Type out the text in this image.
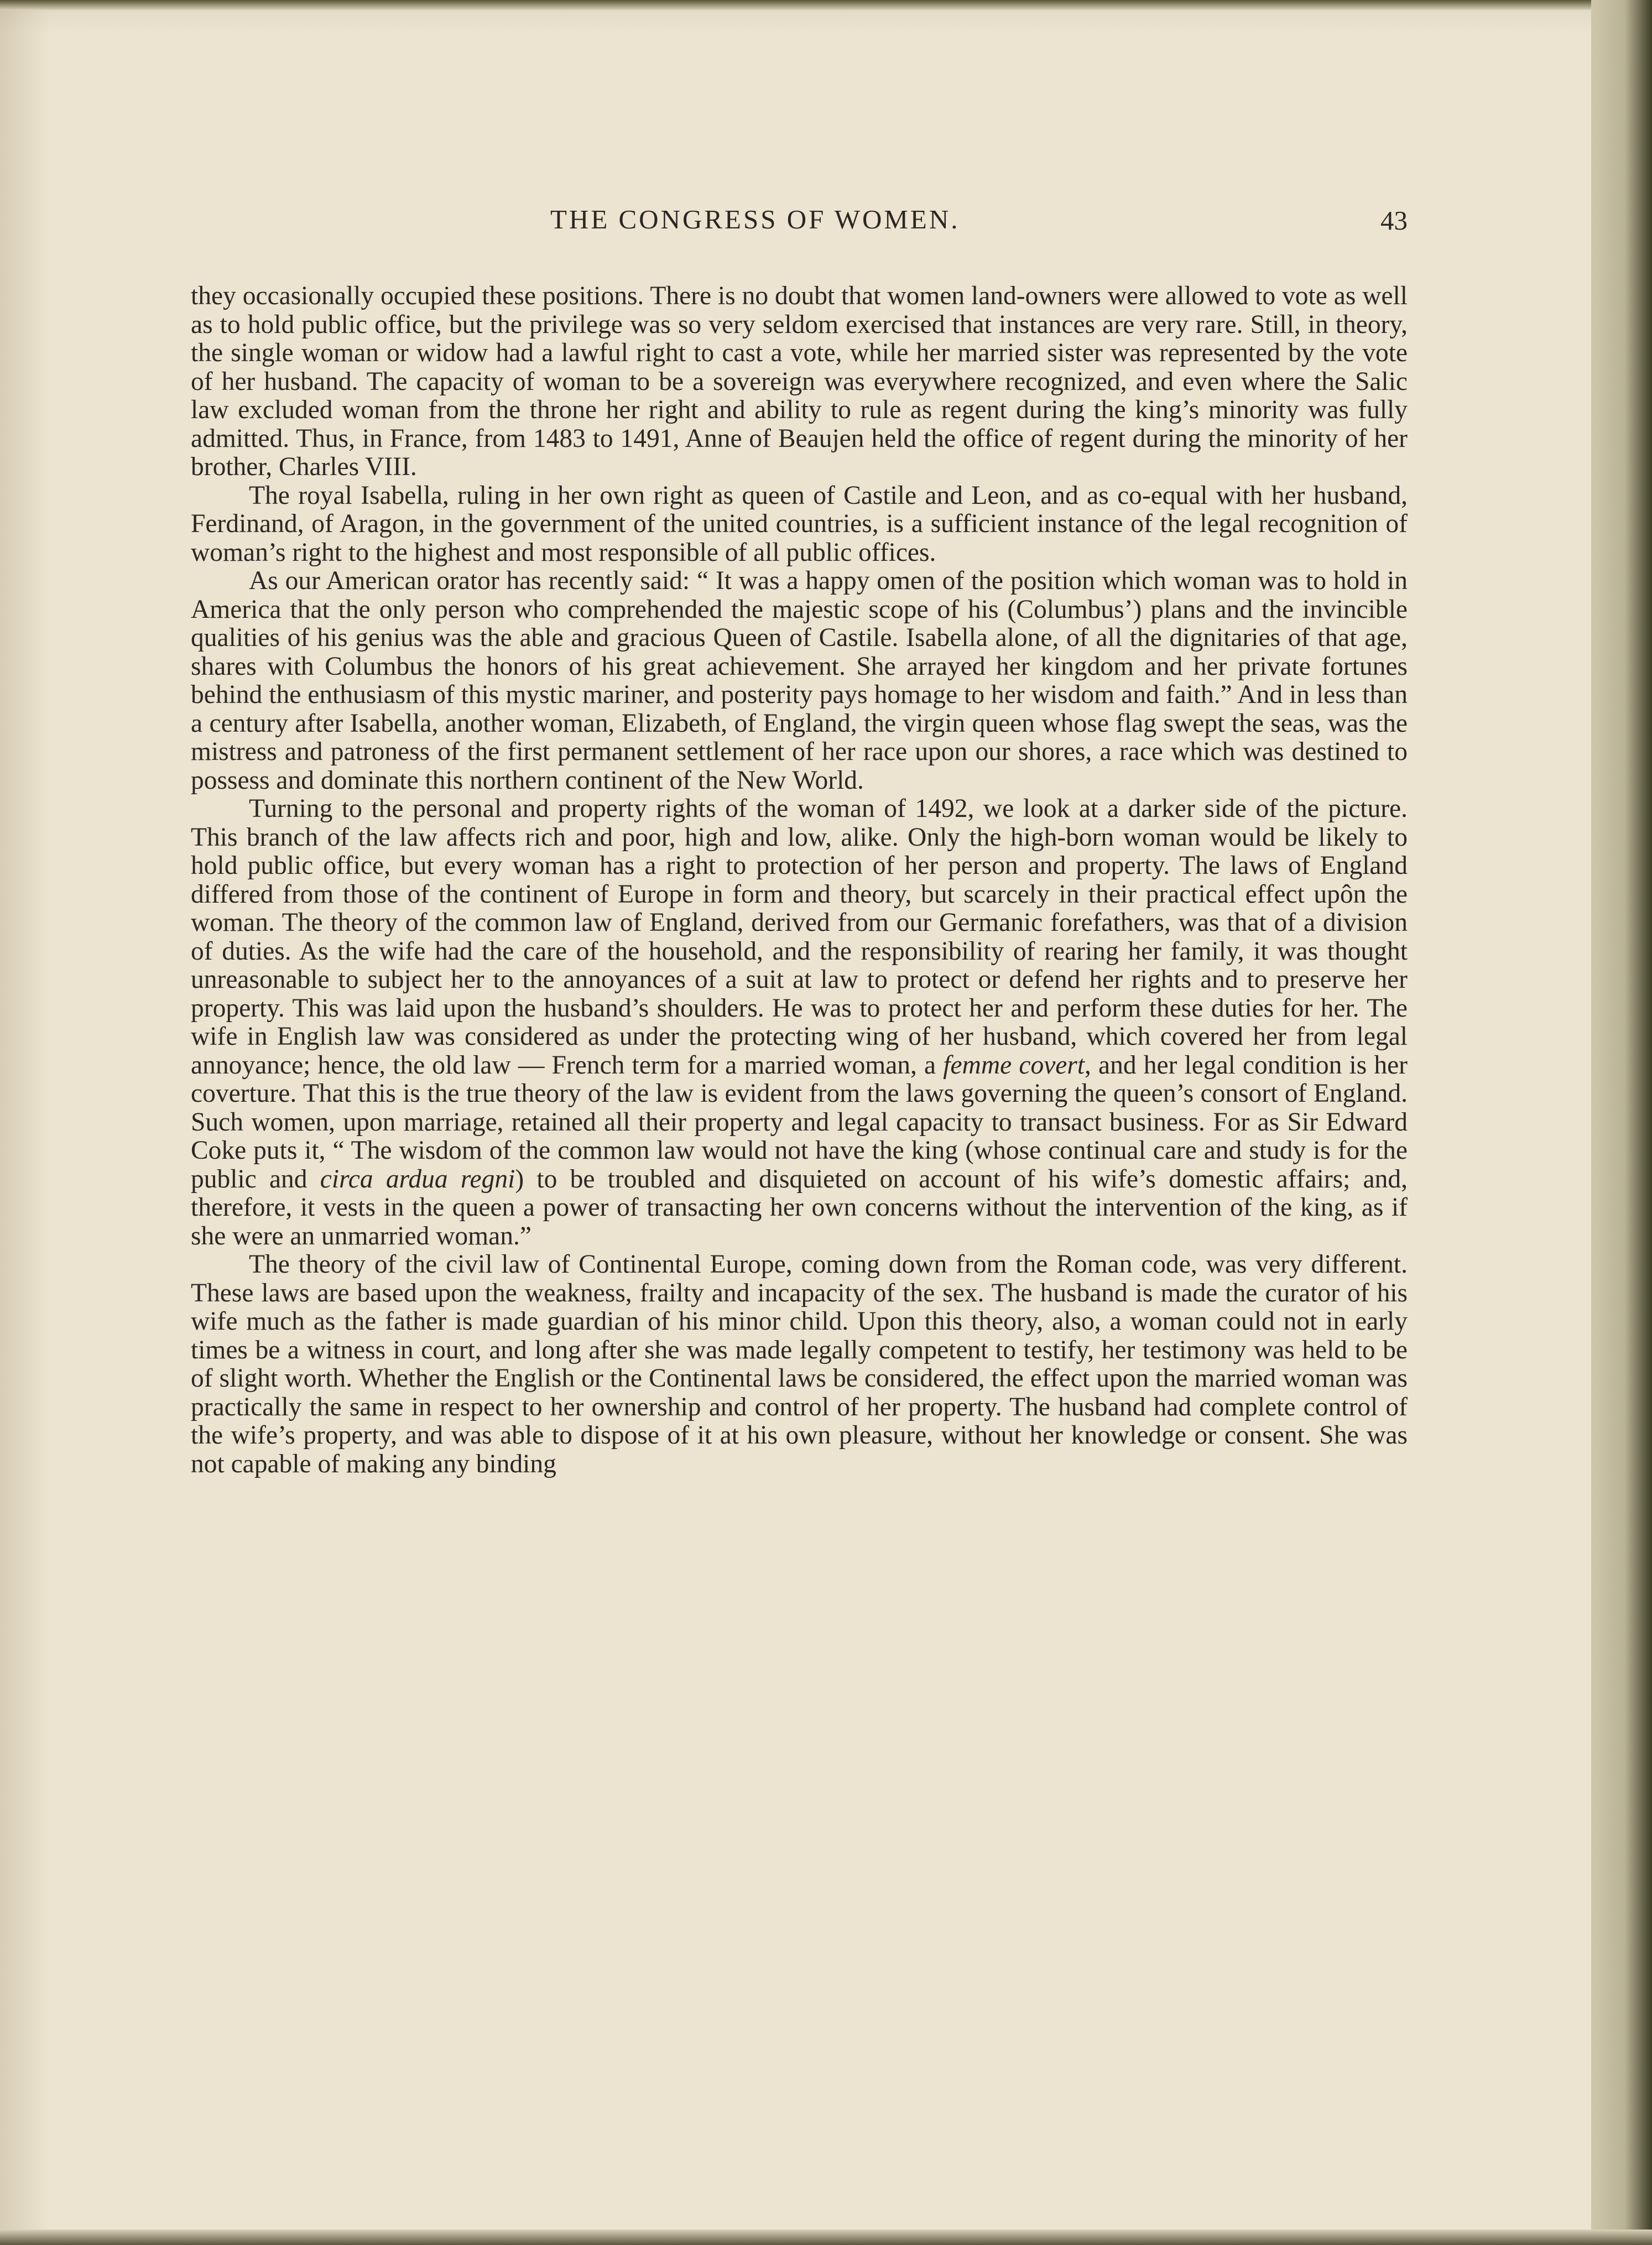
THE CONGRESS OF WOMEN.	43

they occasionally occupied these positions. There is no doubt that women land-owners were allowed to vote as well as to hold public office, but the privilege was so very seldom exercised that instances are very rare. Still, in theory, the single woman or widow had a lawful right to cast a vote, while her married sister was represented by the vote of her husband. The capacity of woman to be a sovereign was everywhere recognized, and even where the Salic law excluded woman from the throne her right and ability to rule as regent during the king’s minority was fully admitted. Thus, in France, from 1483 to 1491, Anne of Beaujen held the office of regent during the minority of her brother, Charles VIII.

The royal Isabella, ruling in her own right as queen of Castile and Leon, and as co-equal with her husband, Ferdinand, of Aragon, in the government of the united countries, is a sufficient instance of the legal recognition of woman’s right to the highest and most responsible of all public offices.

As our American orator has recently said: “ It was a happy omen of the position which woman was to hold in America that the only person who comprehended the majestic scope of his (Columbus’) plans and the invincible qualities of his genius was the able and gracious Queen of Castile. Isabella alone, of all the dignitaries of that age, shares with Columbus the honors of his great achievement. She arrayed her kingdom and her private fortunes behind the enthusiasm of this mystic mariner, and posterity pays homage to her wisdom and faith.” And in less than a century after Isabella, another woman, Elizabeth, of England, the virgin queen whose flag swept the seas, was the mistress and patroness of the first permanent settlement of her race upon our shores, a race which was destined to possess and dominate this northern continent of the New World.

Turning to the personal and property rights of the woman of 1492, we look at a darker side of the picture. This branch of the law affects rich and poor, high and low, alike. Only the high-born woman would be likely to hold public office, but every woman has a right to protection of her person and property. The laws of England differed from those of the continent of Europe in form and theory, but scarcely in their practical effect upôn the woman. The theory of the common law of England, derived from our Germanic forefathers, was that of a division of duties. As the wife had the care of the household, and the responsibility of rearing her family, it was thought unreasonable to subject her to the annoyances of a suit at law to protect or defend her rights and to preserve her property. This was laid upon the husband’s shoulders. He was to protect her and perform these duties for her. The wife in English law was considered as under the protecting wing of her husband, which covered her from legal annoyance; hence, the old law — French term for a married woman, a femme covert, and her legal condition is her coverture. That this is the true theory of the law is evident from the laws governing the queen’s consort of England. Such women, upon marriage, retained all their property and legal capacity to transact business. For as Sir Edward Coke puts it, “ The wisdom of the common law would not have the king (whose continual care and study is for the public and circa ardua regni) to be troubled and disquieted on account of his wife’s domestic affairs; and, therefore, it vests in the queen a power of transacting her own concerns without the intervention of the king, as if she were an unmarried woman.”

The theory of the civil law of Continental Europe, coming down from the Roman code, was very different. These laws are based upon the weakness, frailty and incapacity of the sex. The husband is made the curator of his wife much as the father is made guardian of his minor child. Upon this theory, also, a woman could not in early times be a witness in court, and long after she was made legally competent to testify, her testimony was held to be of slight worth. Whether the English or the Continental laws be considered, the effect upon the married woman was practically the same in respect to her ownership and control of her property. The husband had complete control of the wife’s property, and was able to dispose of it at his own pleasure, without her knowledge or consent. She was not capable of making any binding
